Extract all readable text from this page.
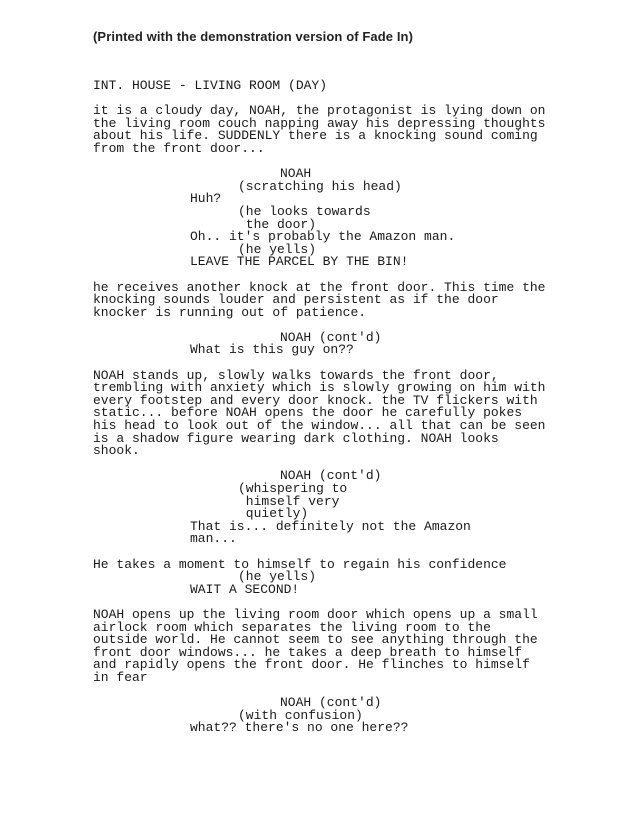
(Printed with the demonstration version of Fade In)
INT. HOUSE - LIVING ROOM (DAY)
it is a cloudy day, NOAH, the protagonist is lying down on
the living room couch napping away his depressing thoughts
about his life. SUDDENLY there is a knocking sound coming
from the front door...
NOAH
(scratching his head)
Huh?
(he looks towards
the door)
Oh.. it's probably the Amazon man.
(he yells)
LEAVE THE PARCEL BY THE BIN!
he receives another knock at the front door. This time the
knocking sounds louder and persistent as if the door
knocker is running out of patience.
NOAH (cont'd)
What is this guy on??
NOAH stands up, slowly walks towards the front door,
trembling with anxiety which is slowly growing on him with
every footstep and every door knock. the TV flickers with
static... before NOAH opens the door he carefully pokes
his head to look out of the window... all that can be seen
is a shadow figure wearing dark clothing. NOAH looks
shook.
NOAH (cont'd)
(whispering to
himself very
quietly)
That is... definitely not the Amazon
man...
He takes a moment to himself to regain his confidence
(he yells)
WAIT A SECOND!
NOAH opens up the living room door which opens up a small
airlock room which separates the living room to the
outside world. He cannot seem to see anything through the
front door windows... he takes a deep breath to himself
and rapidly opens the front door. He flinches to himself
in fear
NOAH (cont'd)
(with confusion)
what?? there's no one here??
